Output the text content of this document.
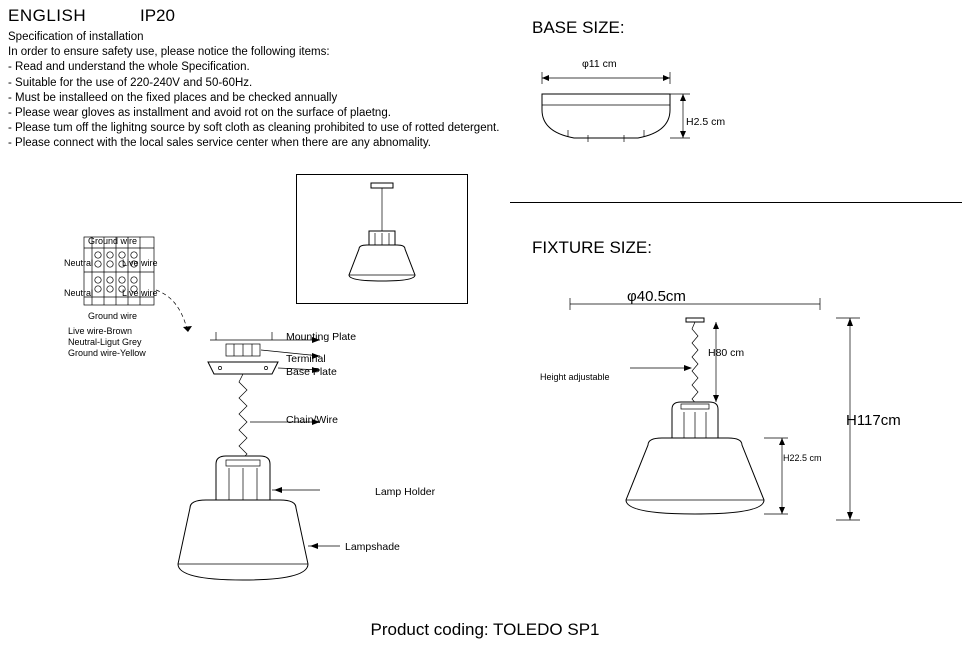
ENGLISH	IP20
Specification of installation
In order to ensure safety use, please notice the following items:
- Read and understand the whole Specification.
- Suitable for the use of 220-240V and 50-60Hz.
- Must be installeed on the fixed places and be checked annually
- Please wear gloves as installment and avoid rot on the surface of plaetng.
- Please tum off the lighitng source by soft cloth as cleaning prohibited to use of rotted detergent.
- Please connect with the local sales service center when there are any abnomality.
BASE SIZE:
FIXTURE SIZE:
φ11 cm
H2.5 cm
Ground wire
Neutral	Live wire
Neutral	Live wire
Ground wire
Live wire-Brown
Neutral-Ligut Grey
Ground wire-Yellow
Mounting Plate
Terminal
Base Plate
Chain/Wire
Lamp Holder
Lampshade
φ40.5cm
H80 cm
Height adjustable
H22.5 cm
H117cm
Product coding: TOLEDO SP1
